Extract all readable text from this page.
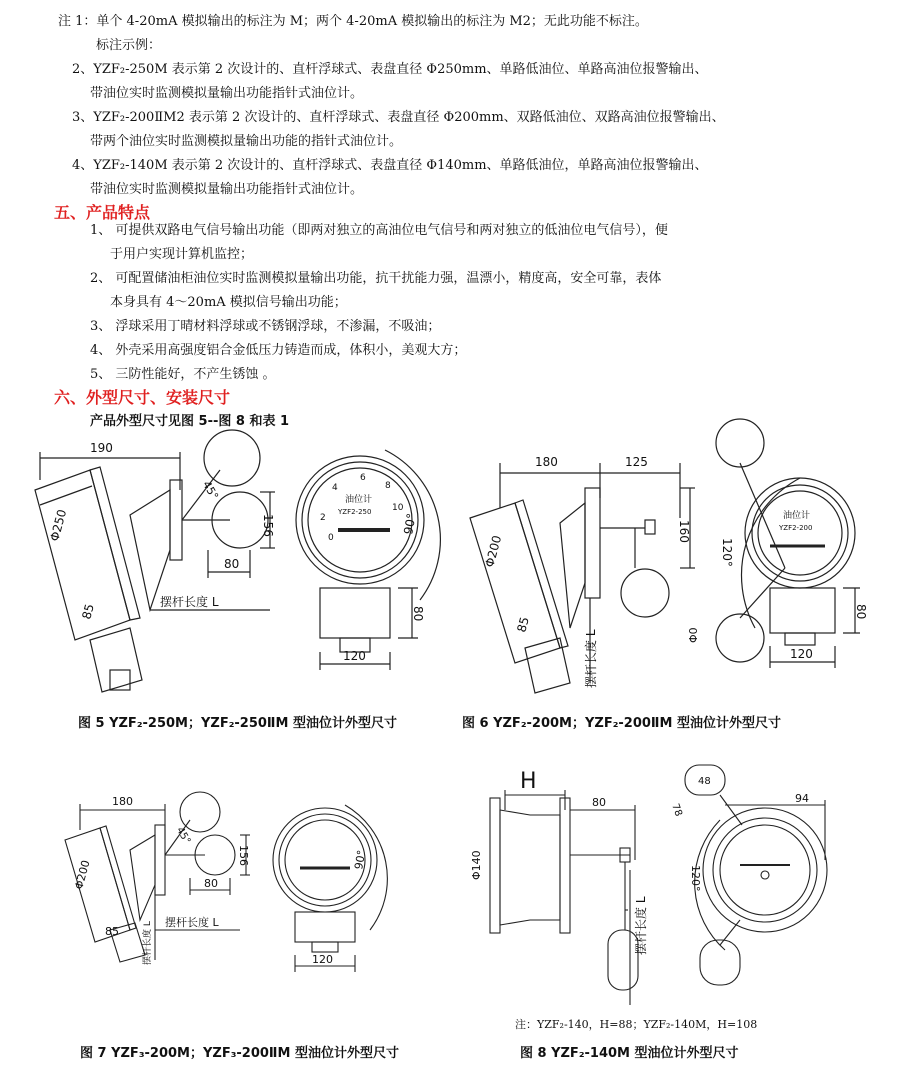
注 1：单个 4-20mA 模拟输出的标注为 M；两个 4-20mA 模拟输出的标注为 M2；无此功能不标注。
标注示例：
2、YZF₂-250M 表示第 2 次设计的、直杆浮球式、表盘直径 Φ250mm、单路低油位、单路高油位报警输出、
带油位实时监测模拟量输出功能指针式油位计。
3、YZF₂-200ⅡM2 表示第 2 次设计的、直杆浮球式、表盘直径 Φ200mm、双路低油位、双路高油位报警输出、
带两个油位实时监测模拟量输出功能的指针式油位计。
4、YZF₂-140M 表示第 2 次设计的、直杆浮球式、表盘直径 Φ140mm、单路低油位，单路高油位报警输出、
带油位实时监测模拟量输出功能指针式油位计。
五、产品特点
1、 可提供双路电气信号输出功能（即两对独立的高油位电气信号和两对独立的低油位电气信号），便
于用户实现计算机监控；
2、 可配置储油柜油位实时监测模拟量输出功能，抗干扰能力强，温漂小，精度高，安全可靠，表体
本身具有 4～20mA 模拟信号输出功能；
3、 浮球采用丁晴材料浮球或不锈钢浮球，不渗漏，不吸油；
4、 外壳采用高强度铝合金低压力铸造而成，体积小，美观大方；
5、 三防性能好，不产生锈蚀 。
六、外型尺寸、安装尺寸
产品外型尺寸见图 5--图 8 和表 1
190
45°
156
80
Φ250
85
摆杆长度 L
油位计
YZF2-250
0
2
4
6
8
10
90°
80
120
图 5 YZF₂-250M；YZF₂-250ⅡM 型油位计外型尺寸
180	125
160
Φ200
85
摆杆长度 L	Φ0
油位计
YZF2-200
120°
80
120
图 6 YZF₂-200M；YZF₂-200ⅡM 型油位计外型尺寸
180
45°
156
80
Φ200
85
摆杆长度 L
摆杆长度 L
90°
120
图 7 YZF₃-200M；YZF₃-200ⅡM 型油位计外型尺寸
H
80
Φ140
摆杆长度 L
48
78
94
120°
注：YZF₂-140，H=88；YZF₂-140M，H=108
图 8 YZF₂-140M 型油位计外型尺寸
